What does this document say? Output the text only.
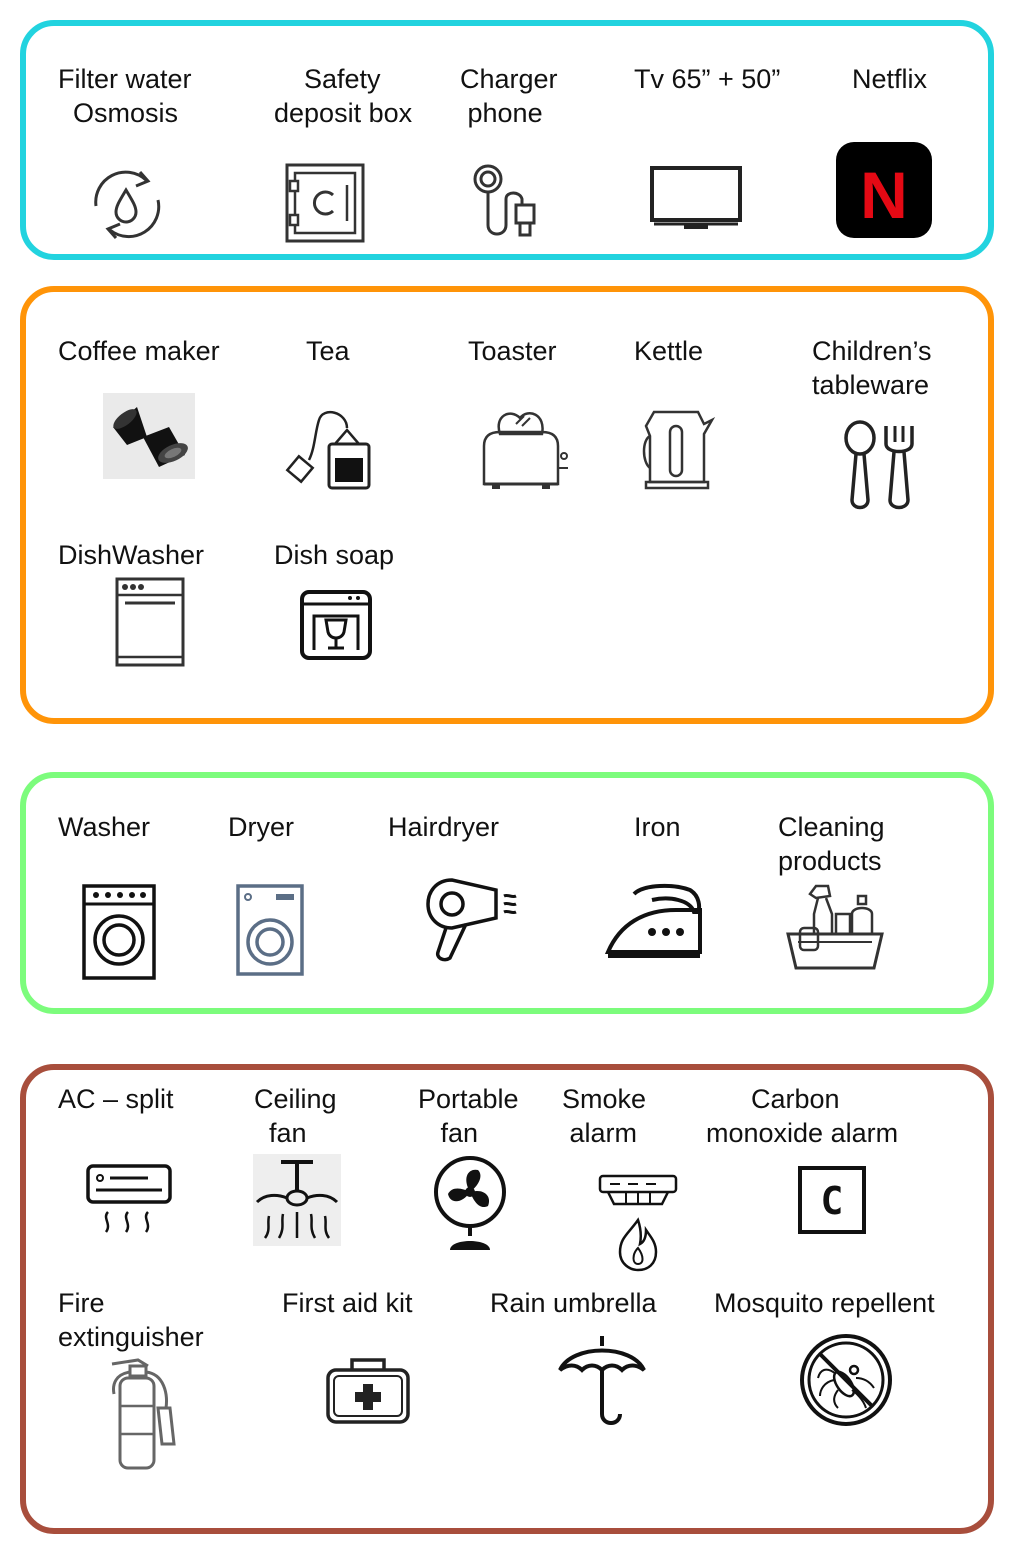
Filter water
Osmosis
Safety
deposit box
Charger
phone
Tv 65” + 50”	Netflix
N
Coffee maker	Tea	Toaster	Kettle	Children’s
tableware
DishWasher	Dish soap
Washer	Dryer	Hairdryer	Iron	Cleaning
products
AC – split	Ceiling
fan
Portable
fan
Smoke
alarm
Carbon
monoxide alarm
C
Fire
extinguisher
First aid kit	Rain umbrella Mosquito repellent
